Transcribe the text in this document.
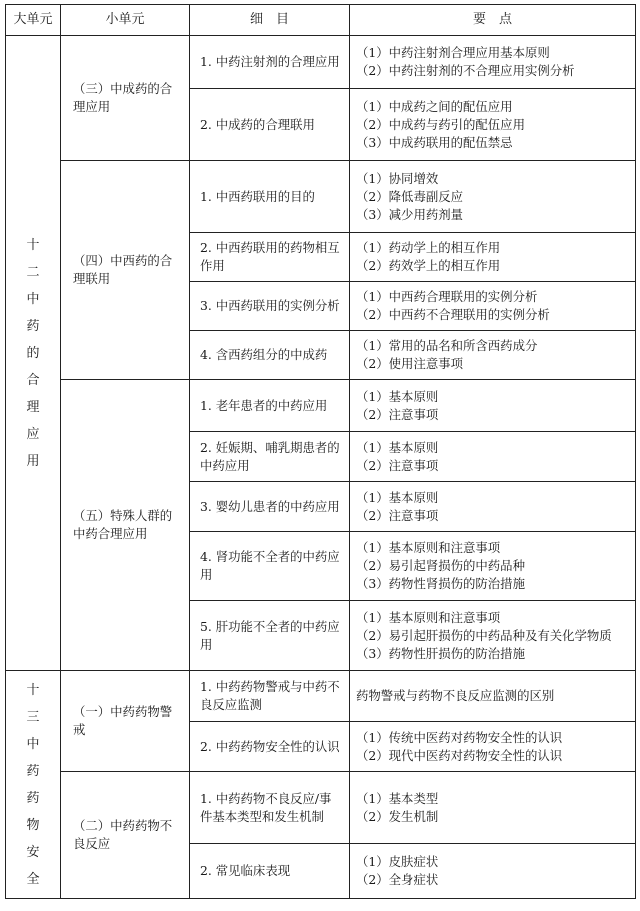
大单元	小单元	细　目	要　点
十二　中药的合理应用	（三）中成药的合理应用	1. 中药注射剂的合理应用	（1）中药注射剂合理应用基本原则
（2）中药注射剂的不合理应用实例分析

		2. 中成药的合理联用	（1）中成药之间的配伍应用
（2）中成药与药引的配伍应用
（3）中成药联用的配伍禁忌

	（四）中西药的合理联用	1. 中西药联用的目的	（1）协同增效
（2）降低毒副反应
（3）减少用药剂量

		2. 中西药联用的药物相互作用	（1）药动学上的相互作用
（2）药效学上的相互作用

		3. 中西药联用的实例分析	（1）中西药合理联用的实例分析
（2）中西药不合理联用的实例分析

		4. 含西药组分的中成药	（1）常用的品名和所含西药成分
（2）使用注意事项

	（五）特殊人群的中药合理应用	1. 老年患者的中药应用	（1）基本原则
（2）注意事项

		2. 妊娠期、哺乳期患者的中药应用	（1）基本原则
（2）注意事项

		3. 婴幼儿患者的中药应用	（1）基本原则
（2）注意事项

		4. 肾功能不全者的中药应用	（1）基本原则和注意事项
（2）易引起肾损伤的中药品种
（3）药物性肾损伤的防治措施

		5. 肝功能不全者的中药应用	（1）基本原则和注意事项
（2）易引起肝损伤的中药品种及有关化学物质
（3）药物性肝损伤的防治措施

十三　中药药物安全	（一）中药药物警戒	1. 中药药物警戒与中药不良反应监测	药物警戒与药物不良反应监测的区别

		2. 中药药物安全性的认识	（1）传统中医药对药物安全性的认识
（2）现代中医药对药物安全性的认识

	（二）中药药物不良反应	1. 中药药物不良反应/事件基本类型和发生机制	（1）基本类型
（2）发生机制

		2. 常见临床表现	（1）皮肤症状
（2）全身症状
